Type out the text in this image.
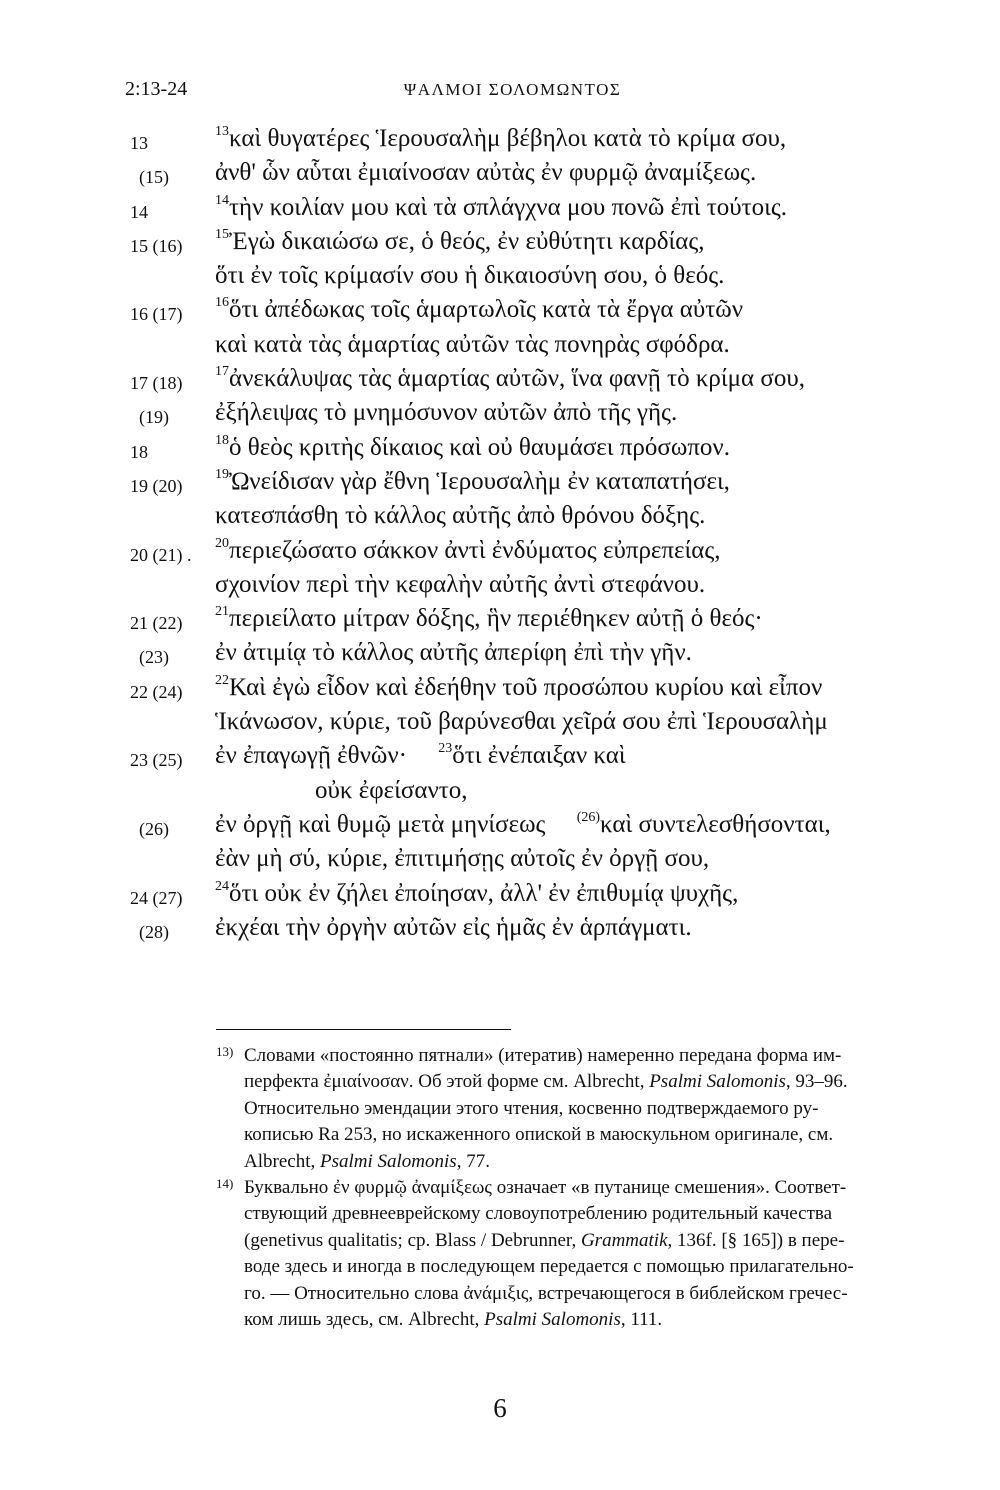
2:13-24	ΨΑΛΜΟΙ ΣΟΛΟΜΩΝΤΟΣ
13
$^{13}$καὶ θυγατέρες Ἱερουσαλὴμ βέβηλοι κατὰ τὸ κρίμα σου,
(15) ἀνθ' ὧν αὗται ἐμιαίνοσαν αὐτὰς ἐν φυρμῷ ἀναμίξεως.
14
$^{14}$τὴν κοιλίαν μου καὶ τὰ σπλάγχνα μου πονῶ ἐπὶ τούτοις.
15 (16)
$^{15}$Ἐγὼ δικαιώσω σε, ὁ θεός, ἐν εὐθύτητι καρδίας,
ὅτι ἐν τοῖς κρίμασίν σου ἡ δικαιοσύνη σου, ὁ θεός.
16 (17)
$^{16}$ὅτι ἀπέδωκας τοῖς ἁμαρτωλοῖς κατὰ τὰ ἔργα αὐτῶν
καὶ κατὰ τὰς ἁμαρτίας αὐτῶν τὰς πονηρὰς σφόδρα.
17 (18)
$^{17}$ἀνεκάλυψας τὰς ἁμαρτίας αὐτῶν, ἵνα φανῇ τὸ κρίμα σου,
(19) ἐξήλειψας τὸ μνημόσυνον αὐτῶν ἀπὸ τῆς γῆς.
18
$^{18}$ὁ θεὸς κριτὴς δίκαιος καὶ οὐ θαυμάσει πρόσωπον.
19 (20)
$^{19}$Ὠνείδισαν γὰρ ἔθνη Ἱερουσαλὴμ ἐν καταπατήσει,
κατεσπάσθη τὸ κάλλος αὐτῆς ἀπὸ θρόνου δόξης.
20 (21) .
$^{20}$περιεζώσατο σάκκον ἀντὶ ἐνδύματος εὐπρεπείας,
σχοινίον περὶ τὴν κεφαλὴν αὐτῆς ἀντὶ στεφάνου.
21 (22)
$^{21}$περιείλατο μίτραν δόξης, ἣν περιέθηκεν αὐτῇ ὁ θεός·
(23) ἐν ἀτιμίᾳ τὸ κάλλος αὐτῆς ἀπερίφη ἐπὶ τὴν γῆν.
22 (24)
$^{22}$Καὶ ἐγὼ εἶδον καὶ ἐδεήθην τοῦ προσώπου κυρίου καὶ εἶπον
Ἱκάνωσον, κύριε, τοῦ βαρύνεσθαι χεῖρά σου ἐπὶ Ἱερουσαλὴμ
23 (25) ἐν ἐπαγωγῇ ἐθνῶν·  $^{23}$ὅτι ἐνέπαιξαν καὶ
οὐκ ἐφείσαντο,
(26) ἐν ὀργῇ καὶ θυμῷ μετὰ μηνίσεως  $^{(26)}$καὶ συντελεσθήσονται,
ἐὰν μὴ σύ, κύριε, ἐπιτιμήσῃς αὐτοῖς ἐν ὀργῇ σου,
24 (27)
$^{24}$ὅτι οὐκ ἐν ζήλει ἐποίησαν, ἀλλ' ἐν ἐπιθυμίᾳ ψυχῆς,
(28) ἐκχέαι τὴν ὀργὴν αὐτῶν εἰς ἡμᾶς ἐν ἁρπάγματι.
13) Словами «постоянно пятнали» (итератив) намеренно передана форма им-
перфекта ἐμιαίνοσαν. Об этой форме см. Albrecht, Psalmi Salomonis, 93–96.
Относительно эмендации этого чтения, косвенно подтверждаемого ру-
кописью Ra 253, но искаженного опиской в маюскульном оригинале, см.
Albrecht, Psalmi Salomonis, 77.
14) Буквально ἐν φυρμῷ ἀναμίξεως означает «в путанице смешения». Соответ-
ствующий древнееврейскому словоупотреблению родительный качества
(genetivus qualitatis; ср. Blass / Debrunner, Grammatik, 136f. [§ 165]) в пере-
воде здесь и иногда в последующем передается с помощью прилагательно-
го. — Относительно слова ἀνάμιξις, встречающегося в библейском гречес-
ком лишь здесь, см. Albrecht, Psalmi Salomonis, 111.
6
